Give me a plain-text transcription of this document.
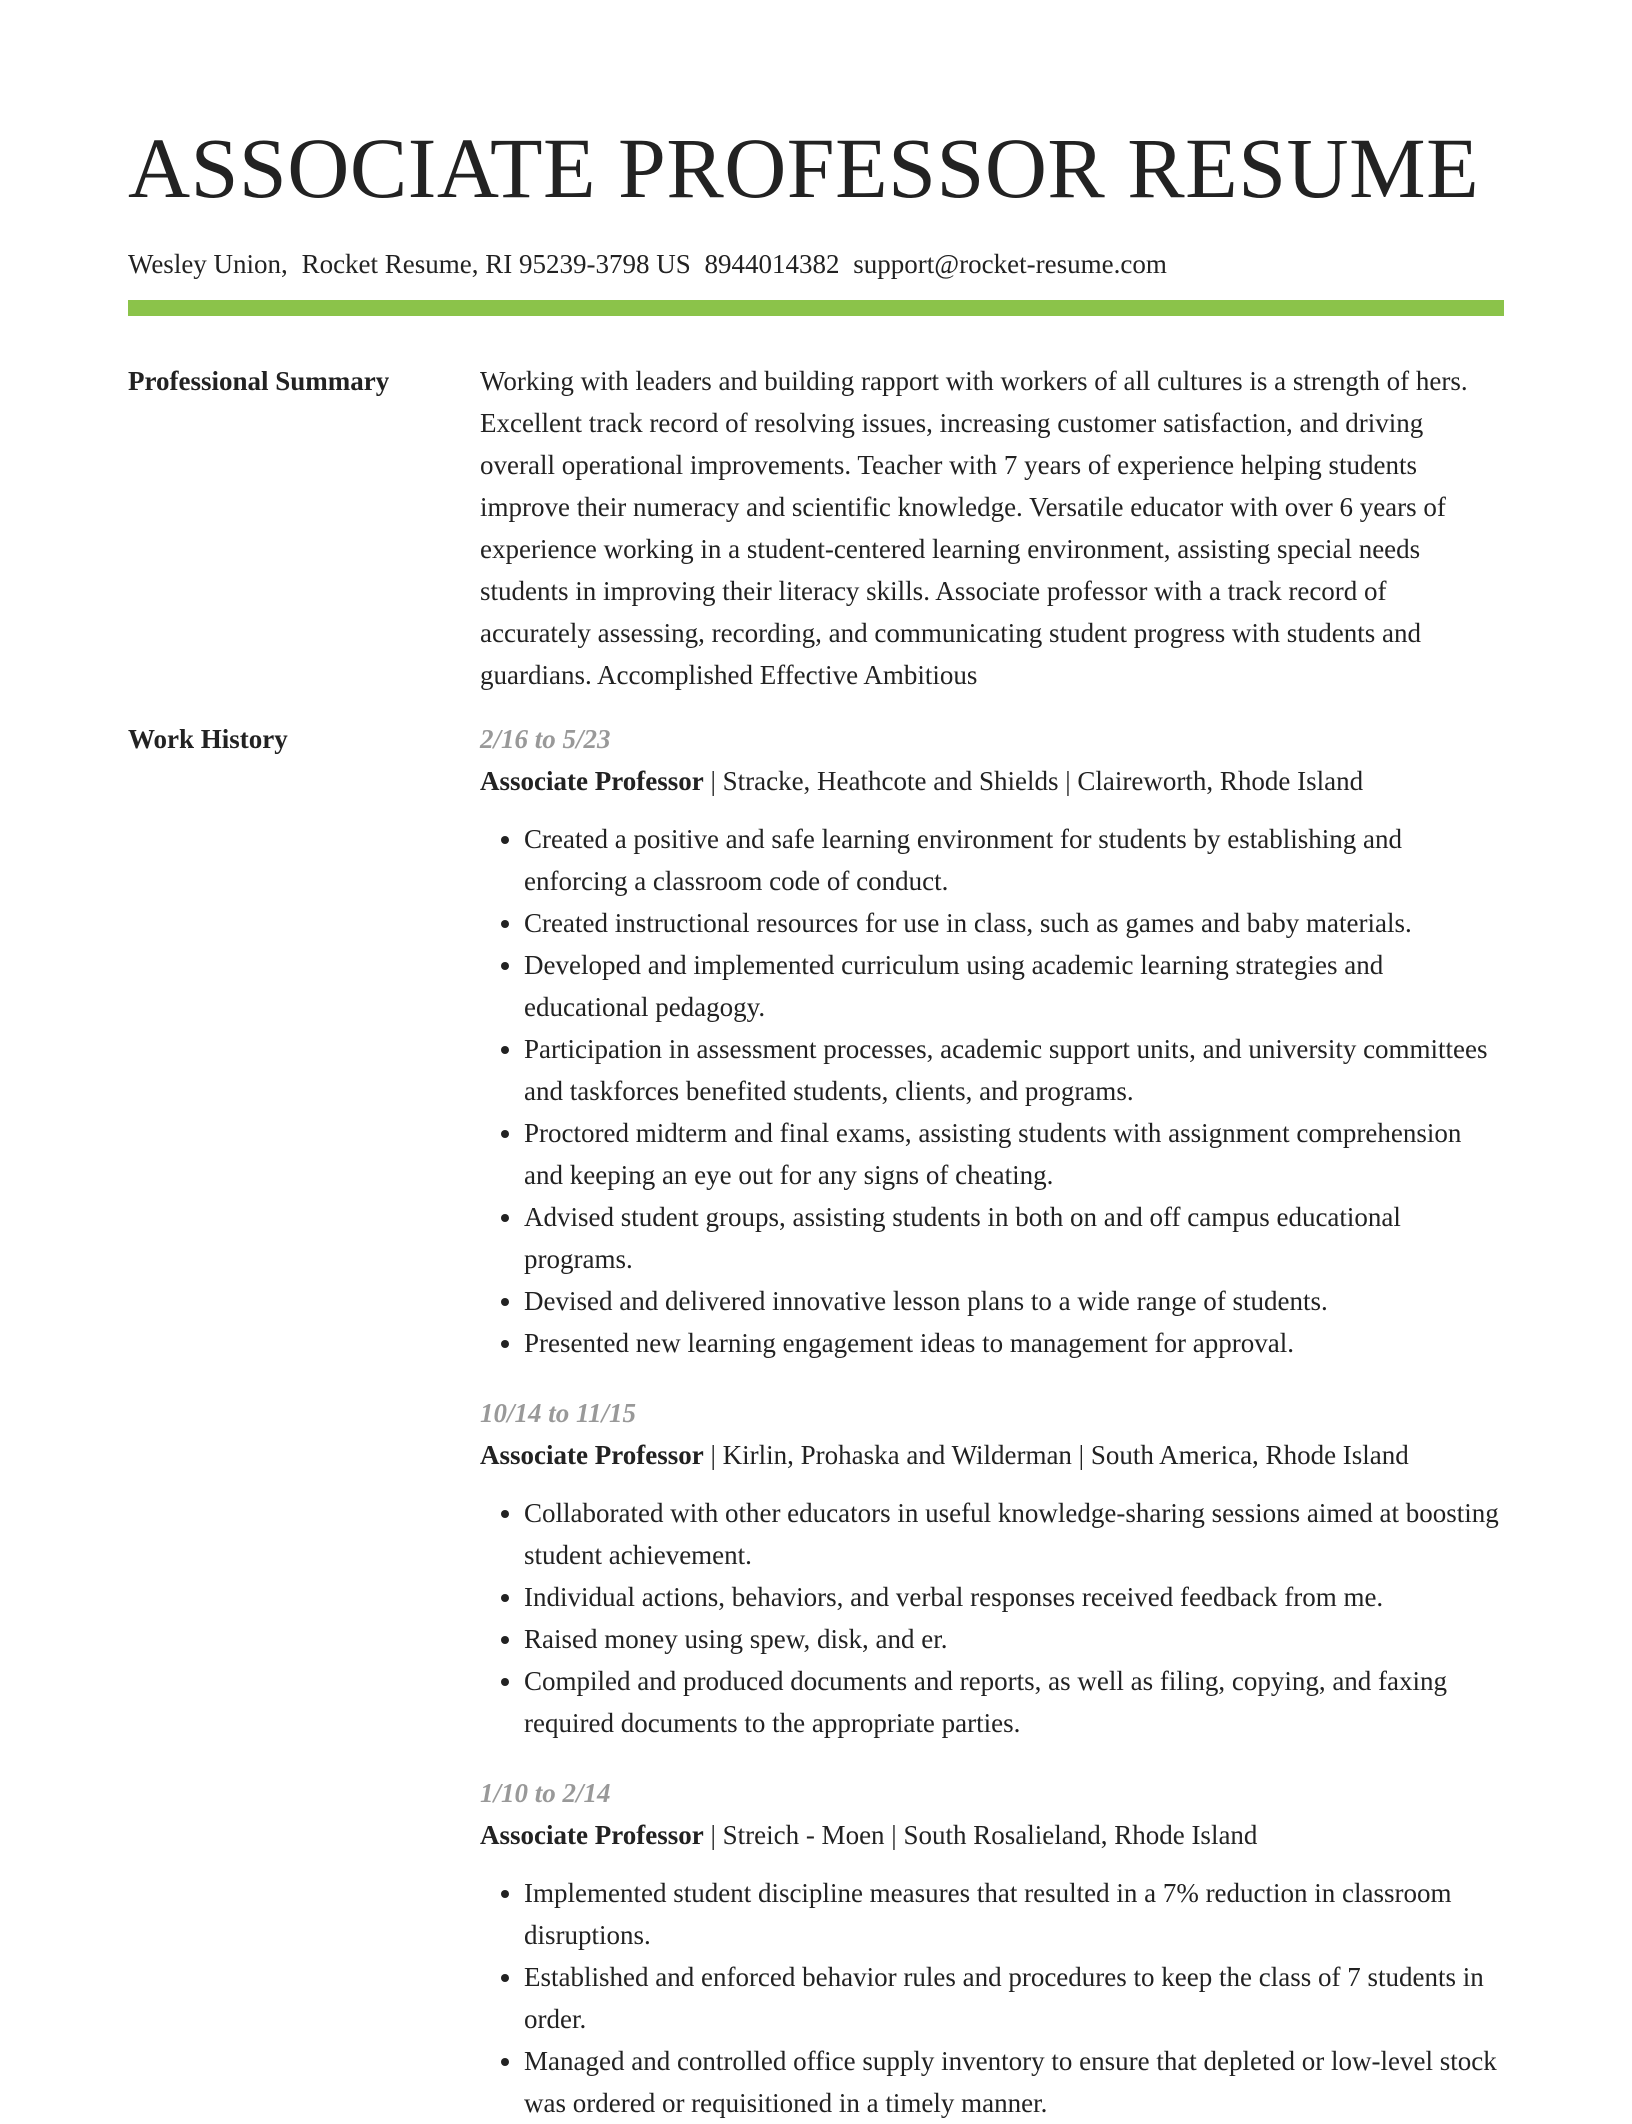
ASSOCIATE PROFESSOR RESUME
Wesley Union, Rocket Resume, RI 95239-3798 US 8944014382 support@rocket-resume.com
Professional Summary	Working with leaders and building rapport with workers of all cultures is a strength of hers. Excellent track record of resolving issues, increasing customer satisfaction, and driving overall operational improvements. Teacher with 7 years of experience helping students improve their numeracy and scientific knowledge. Versatile educator with over 6 years of experience working in a student-centered learning environment, assisting special needs students in improving their literacy skills. Associate professor with a track record of accurately assessing, recording, and communicating student progress with students and guardians. Accomplished Effective Ambitious

Work History	2/16 to 5/23
Associate Professor | Stracke, Heathcote and Shields | Claireworth, Rhode Island
• Created a positive and safe learning environment for students by establishing and enforcing a classroom code of conduct.
• Created instructional resources for use in class, such as games and baby materials.
• Developed and implemented curriculum using academic learning strategies and educational pedagogy.
• Participation in assessment processes, academic support units, and university committees and taskforces benefited students, clients, and programs.
• Proctored midterm and final exams, assisting students with assignment comprehension and keeping an eye out for any signs of cheating.
• Advised student groups, assisting students in both on and off campus educational programs.
• Devised and delivered innovative lesson plans to a wide range of students.
• Presented new learning engagement ideas to management for approval.
10/14 to 11/15
Associate Professor | Kirlin, Prohaska and Wilderman | South America, Rhode Island
• Collaborated with other educators in useful knowledge-sharing sessions aimed at boosting student achievement.
• Individual actions, behaviors, and verbal responses received feedback from me.
• Raised money using spew, disk, and er.
• Compiled and produced documents and reports, as well as filing, copying, and faxing required documents to the appropriate parties.
1/10 to 2/14
Associate Professor | Streich - Moen | South Rosalieland, Rhode Island
• Implemented student discipline measures that resulted in a 7% reduction in classroom disruptions.
• Established and enforced behavior rules and procedures to keep the class of 7 students in order.
• Managed and controlled office supply inventory to ensure that depleted or low-level stock was ordered or requisitioned in a timely manner.
